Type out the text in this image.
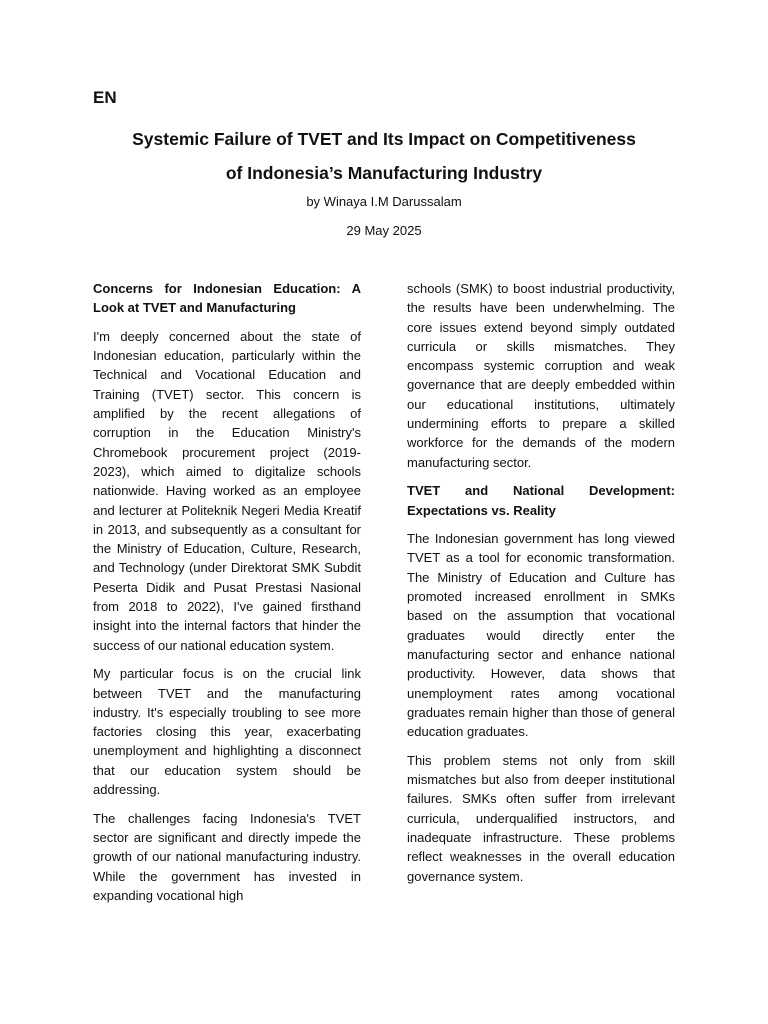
EN

Systemic Failure of TVET and Its Impact on Competitiveness

of Indonesia’s Manufacturing Industry

by Winaya I.M Darussalam

29 May 2025

Concerns for Indonesian Education: A Look at TVET and Manufacturing

I'm deeply concerned about the state of Indonesian education, particularly within the Technical and Vocational Education and Training (TVET) sector. This concern is amplified by the recent allegations of corruption in the Education Ministry's Chromebook procurement project (2019-2023), which aimed to digitalize schools nationwide. Having worked as an employee and lecturer at Politeknik Negeri Media Kreatif in 2013, and subsequently as a consultant for the Ministry of Education, Culture, Research, and Technology (under Direktorat SMK Subdit Peserta Didik and Pusat Prestasi Nasional from 2018 to 2022), I've gained firsthand insight into the internal factors that hinder the success of our national education system.

My particular focus is on the crucial link between TVET and the manufacturing industry. It's especially troubling to see more factories closing this year, exacerbating unemployment and highlighting a disconnect that our education system should be addressing.

The challenges facing Indonesia's TVET sector are significant and directly impede the growth of our national manufacturing industry. While the government has invested in expanding vocational high

schools (SMK) to boost industrial productivity, the results have been underwhelming. The core issues extend beyond simply outdated curricula or skills mismatches. They encompass systemic corruption and weak governance that are deeply embedded within our educational institutions, ultimately undermining efforts to prepare a skilled workforce for the demands of the modern manufacturing sector.

TVET and National Development: Expectations vs. Reality

The Indonesian government has long viewed TVET as a tool for economic transformation. The Ministry of Education and Culture has promoted increased enrollment in SMKs based on the assumption that vocational graduates would directly enter the manufacturing sector and enhance national productivity. However, data shows that unemployment rates among vocational graduates remain higher than those of general education graduates.

This problem stems not only from skill mismatches but also from deeper institutional failures. SMKs often suffer from irrelevant curricula, underqualified instructors, and inadequate infrastructure. These problems reflect weaknesses in the overall education governance system.
